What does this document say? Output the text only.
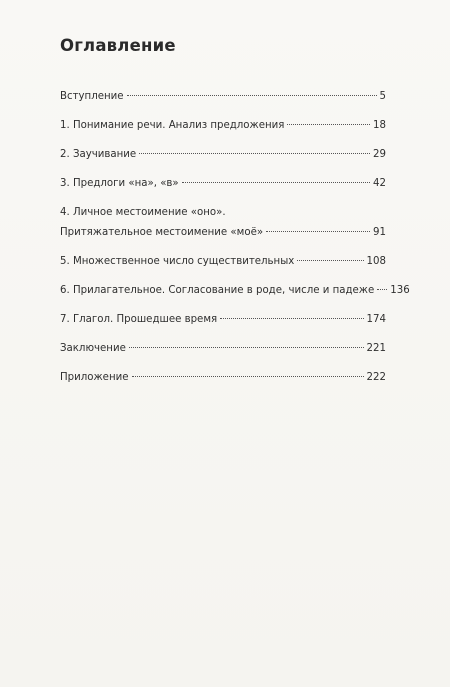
Оглавление
Вступление	5
1. Понимание речи. Анализ предложения	18
2. Заучивание	29
3. Предлоги «на», «в»	42
4. Личное местоимение «оно».
Притяжательное местоимение «моё»	91
5. Множественное число существительных	108
6. Прилагательное. Согласование в роде, числе и падеже 136
7. Глагол. Прошедшее время	174
Заключение	221
Приложение	222
